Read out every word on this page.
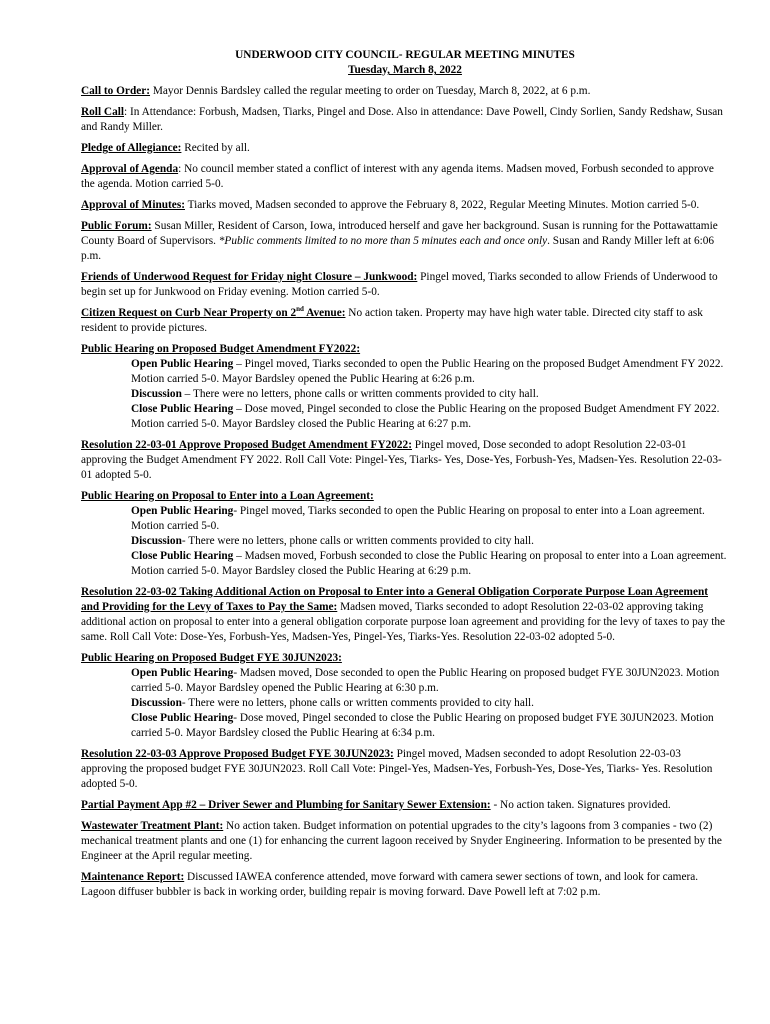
UNDERWOOD CITY COUNCIL- REGULAR MEETING MINUTES

Tuesday, March 8, 2022

Call to Order: Mayor Dennis Bardsley called the regular meeting to order on Tuesday, March 8, 2022, at 6 p.m.

Roll Call: In Attendance: Forbush, Madsen, Tiarks, Pingel and Dose. Also in attendance: Dave Powell, Cindy Sorlien, Sandy Redshaw, Susan and Randy Miller.

Pledge of Allegiance: Recited by all.

Approval of Agenda: No council member stated a conflict of interest with any agenda items. Madsen moved, Forbush seconded to approve the agenda. Motion carried 5-0.

Approval of Minutes: Tiarks moved, Madsen seconded to approve the February 8, 2022, Regular Meeting Minutes. Motion carried 5-0.

Public Forum: Susan Miller, Resident of Carson, Iowa, introduced herself and gave her background. Susan is running for the Pottawattamie County Board of Supervisors. *Public comments limited to no more than 5 minutes each and once only. Susan and Randy Miller left at 6:06 p.m.

Friends of Underwood Request for Friday night Closure – Junkwood: Pingel moved, Tiarks seconded to allow Friends of Underwood to begin set up for Junkwood on Friday evening. Motion carried 5-0.

Citizen Request on Curb Near Property on 2nd Avenue: No action taken. Property may have high water table. Directed city staff to ask resident to provide pictures.

Public Hearing on Proposed Budget Amendment FY2022:

Open Public Hearing – Pingel moved, Tiarks seconded to open the Public Hearing on the proposed Budget Amendment FY 2022. Motion carried 5-0. Mayor Bardsley opened the Public Hearing at 6:26 p.m.

Discussion – There were no letters, phone calls or written comments provided to city hall.

Close Public Hearing – Dose moved, Pingel seconded to close the Public Hearing on the proposed Budget Amendment FY 2022. Motion carried 5-0. Mayor Bardsley closed the Public Hearing at 6:27 p.m.

Resolution 22-03-01 Approve Proposed Budget Amendment FY2022: Pingel moved, Dose seconded to adopt Resolution 22-03-01 approving the Budget Amendment FY 2022. Roll Call Vote: Pingel-Yes, Tiarks- Yes, Dose-Yes, Forbush-Yes, Madsen-Yes. Resolution 22-03-01 adopted 5-0.

Public Hearing on Proposal to Enter into a Loan Agreement:

Open Public Hearing- Pingel moved, Tiarks seconded to open the Public Hearing on proposal to enter into a Loan agreement. Motion carried 5-0.

Discussion- There were no letters, phone calls or written comments provided to city hall.

Close Public Hearing – Madsen moved, Forbush seconded to close the Public Hearing on proposal to enter into a Loan agreement. Motion carried 5-0. Mayor Bardsley closed the Public Hearing at 6:29 p.m.

Resolution 22-03-02 Taking Additional Action on Proposal to Enter into a General Obligation Corporate Purpose Loan Agreement and Providing for the Levy of Taxes to Pay the Same: Madsen moved, Tiarks seconded to adopt Resolution 22-03-02 approving taking additional action on proposal to enter into a general obligation corporate purpose loan agreement and providing for the levy of taxes to pay the same. Roll Call Vote: Dose-Yes, Forbush-Yes, Madsen-Yes, Pingel-Yes, Tiarks-Yes. Resolution 22-03-02 adopted 5-0.

Public Hearing on Proposed Budget FYE 30JUN2023:

Open Public Hearing- Madsen moved, Dose seconded to open the Public Hearing on proposed budget FYE 30JUN2023. Motion carried 5-0. Mayor Bardsley opened the Public Hearing at 6:30 p.m.

Discussion- There were no letters, phone calls or written comments provided to city hall.

Close Public Hearing- Dose moved, Pingel seconded to close the Public Hearing on proposed budget FYE 30JUN2023. Motion carried 5-0. Mayor Bardsley closed the Public Hearing at 6:34 p.m.

Resolution 22-03-03 Approve Proposed Budget FYE 30JUN2023: Pingel moved, Madsen seconded to adopt Resolution 22-03-03 approving the proposed budget FYE 30JUN2023. Roll Call Vote: Pingel-Yes, Madsen-Yes, Forbush-Yes, Dose-Yes, Tiarks- Yes. Resolution adopted 5-0.

Partial Payment App #2 – Driver Sewer and Plumbing for Sanitary Sewer Extension: - No action taken. Signatures provided.

Wastewater Treatment Plant: No action taken. Budget information on potential upgrades to the city’s lagoons from 3 companies - two (2) mechanical treatment plants and one (1) for enhancing the current lagoon received by Snyder Engineering. Information to be presented by the Engineer at the April regular meeting.

Maintenance Report: Discussed IAWEA conference attended, move forward with camera sewer sections of town, and look for camera. Lagoon diffuser bubbler is back in working order, building repair is moving forward. Dave Powell left at 7:02 p.m.
